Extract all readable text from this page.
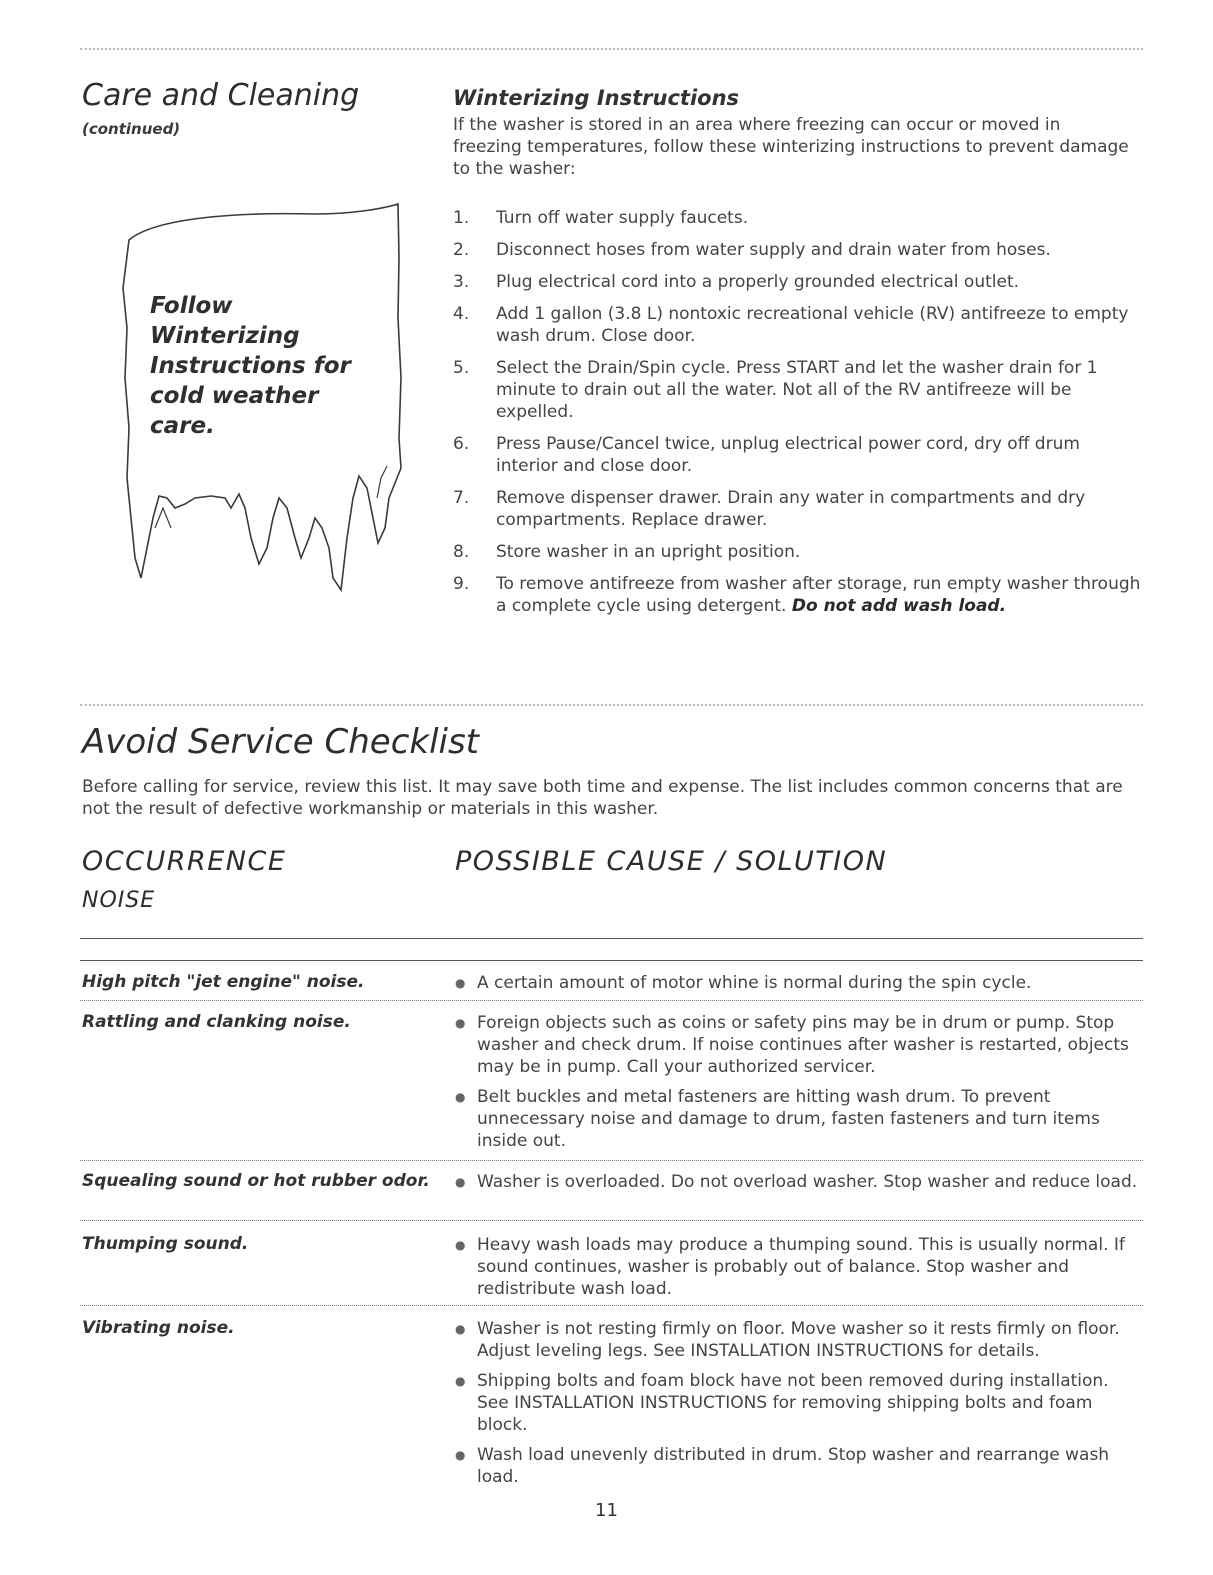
Care and Cleaning
(continued)
Follow Winterizing Instructions for cold weather care.
Winterizing Instructions
If the washer is stored in an area where freezing can occur or moved in freezing temperatures, follow these winterizing instructions to prevent damage to the washer:
1.	Turn off water supply faucets.
2.	Disconnect hoses from water supply and drain water from hoses.
3.	Plug electrical cord into a properly grounded electrical outlet.
4.	Add 1 gallon (3.8 L) nontoxic recreational vehicle (RV) antifreeze to empty wash drum. Close door.
5.	Select the Drain/Spin cycle. Press START and let the washer drain for 1 minute to drain out all the water. Not all of the RV antifreeze will be expelled.
6.	Press Pause/Cancel twice, unplug electrical power cord, dry off drum interior and close door.
7.	Remove dispenser drawer. Drain any water in compartments and dry compartments. Replace drawer.
8.	Store washer in an upright position.
9.	To remove antifreeze from washer after storage, run empty washer through a complete cycle using detergent. Do not add wash load.
Avoid Service Checklist
Before calling for service, review this list. It may save both time and expense. The list includes common concerns that are not the result of defective workmanship or materials in this washer.
OCCURRENCE	POSSIBLE CAUSE / SOLUTION
NOISE
High pitch "jet engine" noise.	● A certain amount of motor whine is normal during the spin cycle.
Rattling and clanking noise.	● Foreign objects such as coins or safety pins may be in drum or pump. Stop washer and check drum. If noise continues after washer is restarted, objects may be in pump. Call your authorized servicer.
● Belt buckles and metal fasteners are hitting wash drum. To prevent unnecessary noise and damage to drum, fasten fasteners and turn items inside out.
Squealing sound or hot rubber odor. ● Washer is overloaded. Do not overload washer. Stop washer and reduce load.
Thumping sound.	● Heavy wash loads may produce a thumping sound. This is usually normal. If sound continues, washer is probably out of balance. Stop washer and redistribute wash load.
Vibrating noise.	● Washer is not resting firmly on floor. Move washer so it rests firmly on floor. Adjust leveling legs. See INSTALLATION INSTRUCTIONS for details.
● Shipping bolts and foam block have not been removed during installation. See INSTALLATION INSTRUCTIONS for removing shipping bolts and foam block.
● Wash load unevenly distributed in drum. Stop washer and rearrange wash load.
11
